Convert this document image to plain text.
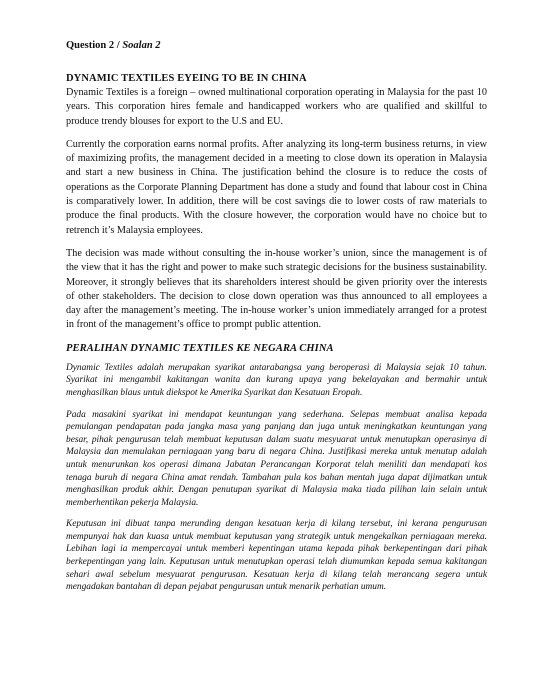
Question 2 / Soalan 2
DYNAMIC TEXTILES EYEING TO BE IN CHINA

Dynamic Textiles is a foreign – owned multinational corporation operating in Malaysia for the past 10 years. This corporation hires female and handicapped workers who are qualified and skillful to produce trendy blouses for export to the U.S and EU.

Currently the corporation earns normal profits. After analyzing its long-term business returns, in view of maximizing profits, the management decided in a meeting to close down its operation in Malaysia and start a new business in China. The justification behind the closure is to reduce the costs of operations as the Corporate Planning Department has done a study and found that labour cost in China is comparatively lower. In addition, there will be cost savings die to lower costs of raw materials to produce the final products. With the closure however, the corporation would have no choice but to retrench it’s Malaysia employees.

The decision was made without consulting the in-house worker’s union, since the management is of the view that it has the right and power to make such strategic decisions for the business sustainability. Moreover, it strongly believes that its shareholders interest should be given priority over the interests of other stakeholders. The decision to close down operation was thus announced to all employees a day after the management’s meeting. The in-house worker’s union immediately arranged for a protest in front of the management’s office to prompt public attention.

PERALIHAN DYNAMIC TEXTILES KE NEGARA CHINA

Dynamic Textiles adalah merupakan syarikat antarabangsa yang beroperasi di Malaysia sejak 10 tahun. Syarikat ini mengambil kakitangan wanita dan kurang upaya yang bekelayakan and bermahir untuk menghasilkan blaus untuk diekspot ke Amerika Syarikat dan Kesatuan Eropah.

Pada masakini syarikat ini mendapat keuntungan yang sederhana. Selepas membuat analisa kepada pemulangan pendapatan pada jangka masa yang panjang dan juga untuk meningkatkan keuntungan yang besar, pihak pengurusan telah membuat keputusan dalam suatu mesyuarat untuk menutupkan operasinya di Malaysia dan memulakan perniagaan yang baru di negara China. Justifikasi mereka untuk menutup adalah untuk menurunkan kos operasi dimana Jabatan Perancangan Korporat telah meniliti dan mendapati kos tenaga buruh di negara China amat rendah. Tambahan pula kos bahan mentah juga dapat dijimatkan untuk menghasilkan produk akhir. Dengan penutupan syarikat di Malaysia maka tiada pilihan lain selain untuk memberhentikan pekerja Malaysia.

Keputusan ini dibuat tanpa merunding dengan kesatuan kerja di kilang tersebut, ini kerana pengurusan mempunyai hak dan kuasa untuk membuat keputusan yang strategik untuk mengekalkan perniagaan mereka. Lebihan lagi ia mempercayai untuk memberi kepentingan utama kepada pihak berkepentingan dari pihak berkepentingan yang lain. Keputusan untuk menutupkan operasi telah diumumkan kepada semua kakitangan sehari awal sebelum mesyuarat pengurusan. Kesatuan kerja di kilang telah merancang segera untuk mengadakan bantahan di depan pejabat pengurusan untuk menarik perhatian umum.
